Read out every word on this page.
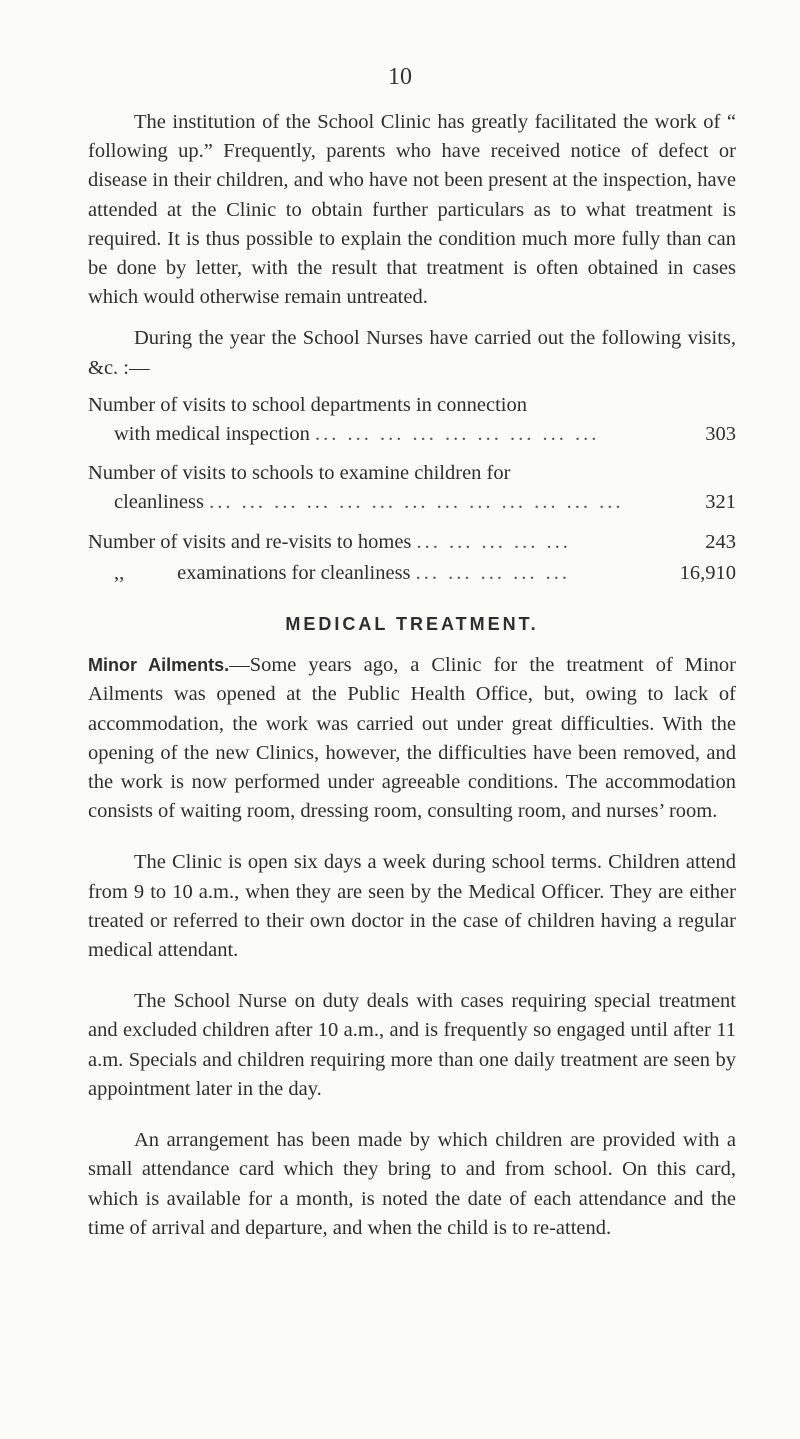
10

The institution of the School Clinic has greatly facilitated the work of “ following up.” Frequently, parents who have received notice of defect or disease in their children, and who have not been present at the inspection, have attended at the Clinic to obtain further particulars as to what treatment is required. It is thus possible to explain the condition much more fully than can be done by letter, with the result that treatment is often obtained in cases which would otherwise remain untreated.

During the year the School Nurses have carried out the following visits, &c. :—

Number of visits to school departments in connection
with medical inspection ... ... ... ... ... ... ... ... ...	303
Number of visits to schools to examine children for
cleanliness ... ... ... ... ... ... ... ... ... ... ... ... ...	321
Number of visits and re-visits to homes ... ... ... ... ...	243
,,	examinations for cleanliness ... ... ... ... ...	16,910
MEDICAL TREATMENT.

Minor Ailments.—Some years ago, a Clinic for the treatment of Minor Ailments was opened at the Public Health Office, but, owing to lack of accommodation, the work was carried out under great difficulties. With the opening of the new Clinics, however, the difficulties have been removed, and the work is now performed under agreeable conditions. The accommodation consists of waiting room, dressing room, consulting room, and nurses’ room.

The Clinic is open six days a week during school terms. Children attend from 9 to 10 a.m., when they are seen by the Medical Officer. They are either treated or referred to their own doctor in the case of children having a regular medical attendant.

The School Nurse on duty deals with cases requiring special treatment and excluded children after 10 a.m., and is frequently so engaged until after 11 a.m. Specials and children requiring more than one daily treatment are seen by appointment later in the day.

An arrangement has been made by which children are provided with a small attendance card which they bring to and from school. On this card, which is available for a month, is noted the date of each attendance and the time of arrival and departure, and when the child is to re-attend.
